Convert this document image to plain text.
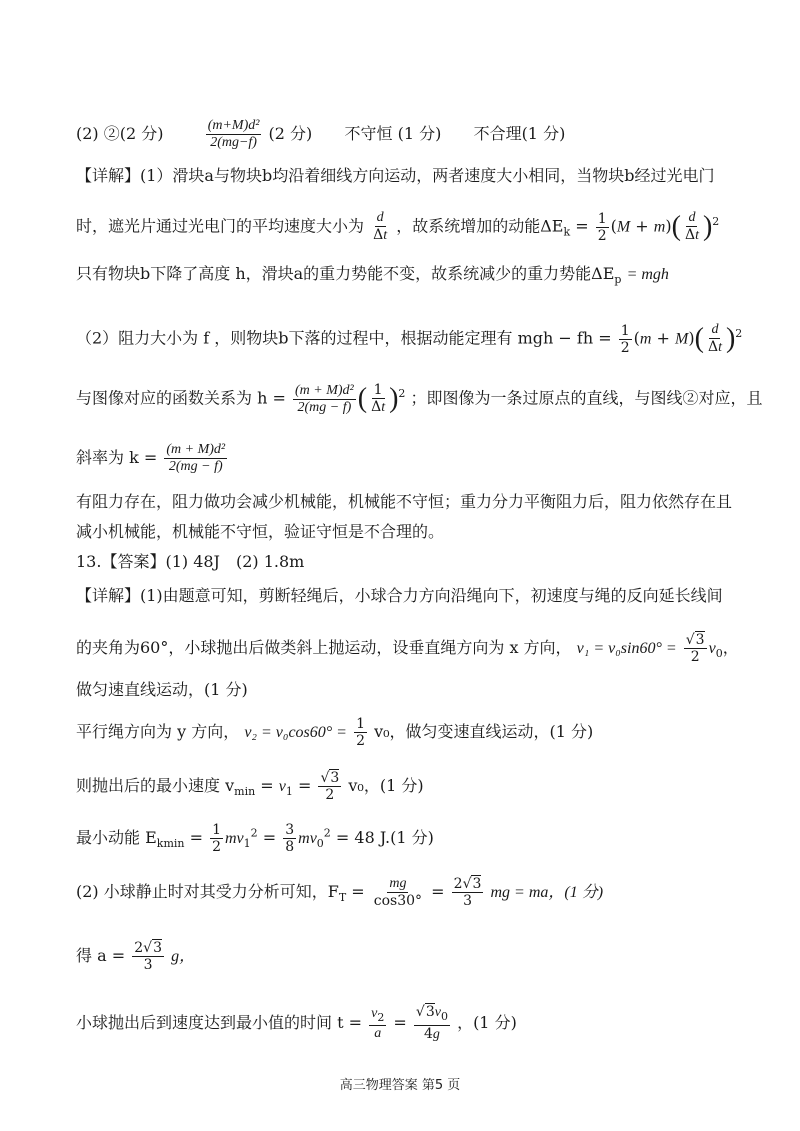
(2) ②(2 分)	$\frac{\text{(m+M)d²}}{2(mg-f)} (2$ 分) 不守恒 (1 分) 不合理(1 分)
【详解】(1）滑块a与物块b均沿着细线方向运动，两者速度大小相同，当物块b经过光电门
时，遮光片通过光电门的平均速度大小为 $\frac{d}{\Delta t}$ ，故系统增加的动能$\Delta E_k = \frac{1}{2} (M + m)( \frac{d}{\Delta t} )^2$
只有物块b下降了高度 h，滑块a的重力势能不变，故系统减少的重力势能$\Delta E_p$ = mgh
（2）阻力大小为 f ，则物块b下落的过程中，根据动能定理有 mgh − fh = $\frac{1}{2} (m + M)( \frac{d}{\Delta t} )^2$
与图像对应的函数关系为 $h = \frac{\text{(m + M)d²}}{2(mg - f)}$ ( $\frac{1}{\Delta t} )^2$ ；即图像为一条过原点的直线，与图线②对应，且
斜率为 $k = \frac{\text{(m + M)d²}}{2(mg - f)}$
有阻力存在，阻力做功会减少机械能，机械能不守恒；重力分力平衡阻力后，阻力依然存在且
减小机械能，机械能不守恒，验证守恒是不合理的。
13.【答案】(1) 48J　(2) 1.8m
【详解】(1)由题意可知，剪断轻绳后，小球合力方向沿绳向下，初速度与绳的反向延长线间
的夹角为60°，小球抛出后做类斜上抛运动，设垂直绳方向为 x 方向， $v_1 = v_0\sin 60^\circ = \frac{√3}{2} v_0$，
做匀速直线运动，(1 分)
平行绳方向为 y 方向， $v_2 = v_0\cos 60^\circ = \frac{1}{2} v_0$，做匀变速直线运动，(1 分)
则抛出后的最小速度 $v_{min} = v_1 = \frac{√3}{2} v_0$，(1 分)
最小动能 $E_{kmin} = \frac{1}{2} mv_1^2 = \frac{3}{8} mv_0^2 = 48$ J.(1 分)
(2) 小球静止时对其受力分析可知，$F_T = \frac{mg}{\cos 30^\circ} = \frac{2√3}{3}$ mg = ma，(1 分)
得 $a = \frac{2√3}{3}$ g，
小球抛出后到速度达到最小值的时间 $t = \frac{v_2}{a} = \frac{√3v_0}{4g}$ ，(1 分)
高三物理答案 第5 页
